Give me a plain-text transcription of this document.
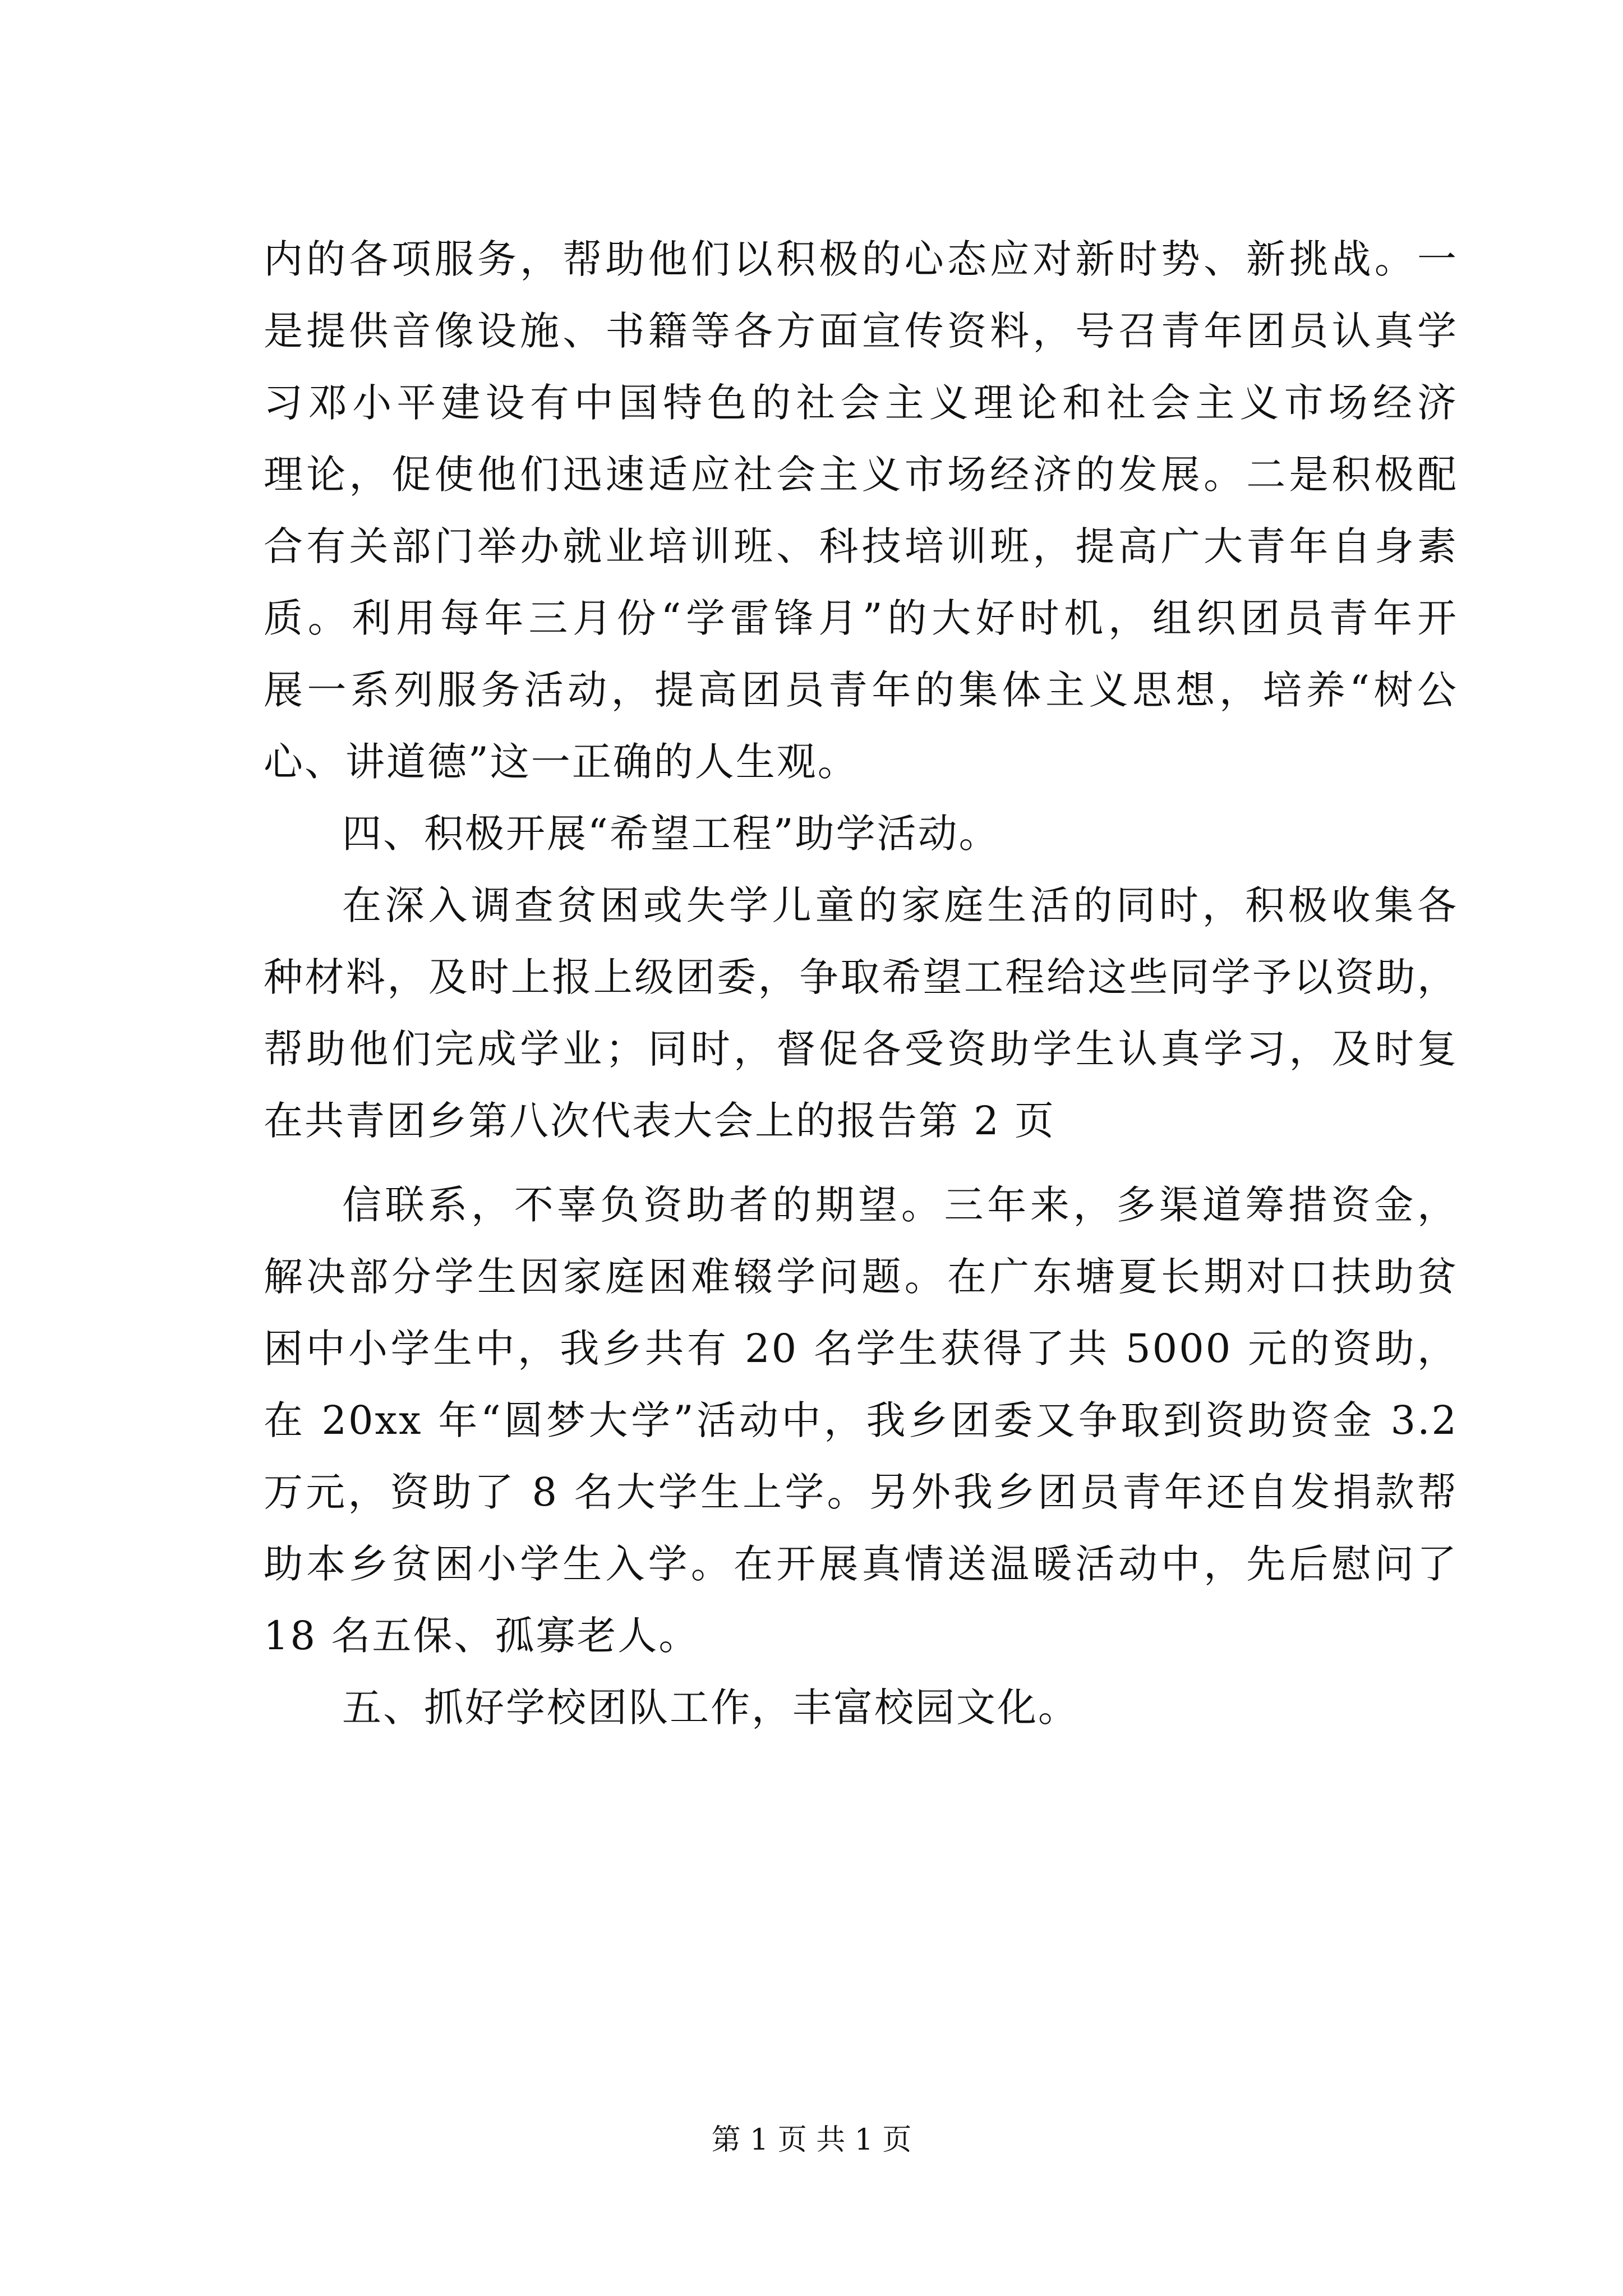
内的各项服务，帮助他们以积极的心态应对新时势、新挑战。一
是提供音像设施、书籍等各方面宣传资料，号召青年团员认真学
习邓小平建设有中国特色的社会主义理论和社会主义市场经济
理论，促使他们迅速适应社会主义市场经济的发展。二是积极配
合有关部门举办就业培训班、科技培训班，提高广大青年自身素
质。利用每年三月份“学雷锋月”的大好时机，组织团员青年开
展一系列服务活动，提高团员青年的集体主义思想，培养“树公
心、讲道德”这一正确的人生观。
四、积极开展“希望工程”助学活动。
在深入调查贫困或失学儿童的家庭生活的同时，积极收集各
种材料，及时上报上级团委，争取希望工程给这些同学予以资助，
帮助他们完成学业；同时，督促各受资助学生认真学习，及时复
在共青团乡第八次代表大会上的报告第 2 页
信联系，不辜负资助者的期望。三年来，多渠道筹措资金，
解决部分学生因家庭困难辍学问题。在广东塘夏长期对口扶助贫
困中小学生中，我乡共有 20 名学生获得了共 5000 元的资助，
在 20xx 年“圆梦大学”活动中，我乡团委又争取到资助资金 3.2
万元，资助了 8 名大学生上学。另外我乡团员青年还自发捐款帮
助本乡贫困小学生入学。在开展真情送温暖活动中，先后慰问了
18 名五保、孤寡老人。
五、抓好学校团队工作，丰富校园文化。
第 1 页 共 1 页
